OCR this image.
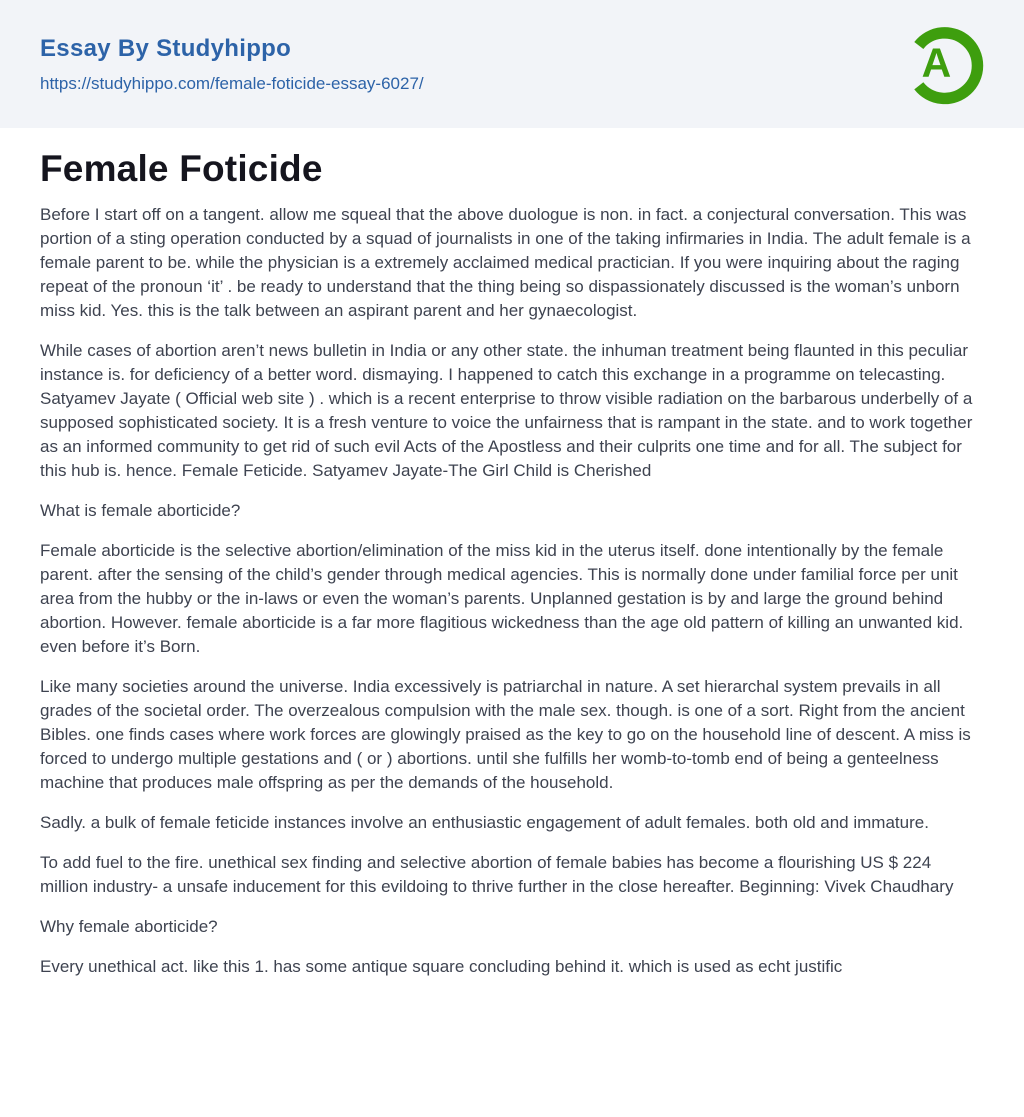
Essay By Studyhippo
https://studyhippo.com/female-foticide-essay-6027/	A
Female Foticide

Before I start off on a tangent. allow me squeal that the above duologue is non. in fact. a conjectural conversation. This was portion of a sting operation conducted by a squad of journalists in one of the taking infirmaries in India. The adult female is a female parent to be. while the physician is a extremely acclaimed medical practician. If you were inquiring about the raging repeat of the pronoun ‘it’ . be ready to understand that the thing being so dispassionately discussed is the woman’s unborn miss kid. Yes. this is the talk between an aspirant parent and her gynaecologist.

While cases of abortion aren’t news bulletin in India or any other state. the inhuman treatment being flaunted in this peculiar instance is. for deficiency of a better word. dismaying. I happened to catch this exchange in a programme on telecasting. Satyamev Jayate ( Official web site ) . which is a recent enterprise to throw visible radiation on the barbarous underbelly of a supposed sophisticated society. It is a fresh venture to voice the unfairness that is rampant in the state. and to work together as an informed community to get rid of such evil Acts of the Apostless and their culprits one time and for all. The subject for this hub is. hence. Female Feticide. Satyamev Jayate-The Girl Child is Cherished

What is female aborticide?

Female aborticide is the selective abortion/elimination of the miss kid in the uterus itself. done intentionally by the female parent. after the sensing of the child’s gender through medical agencies. This is normally done under familial force per unit area from the hubby or the in-laws or even the woman’s parents. Unplanned gestation is by and large the ground behind abortion. However. female aborticide is a far more flagitious wickedness than the age old pattern of killing an unwanted kid. even before it’s Born.

Like many societies around the universe. India excessively is patriarchal in nature. A set hierarchal system prevails in all grades of the societal order. The overzealous compulsion with the male sex. though. is one of a sort. Right from the ancient Bibles. one finds cases where work forces are glowingly praised as the key to go on the household line of descent. A miss is forced to undergo multiple gestations and ( or ) abortions. until she fulfills her womb-to-tomb end of being a genteelness machine that produces male offspring as per the demands of the household.

Sadly. a bulk of female feticide instances involve an enthusiastic engagement of adult females. both old and immature.

To add fuel to the fire. unethical sex finding and selective abortion of female babies has become a flourishing US $ 224 million industry- a unsafe inducement for this evildoing to thrive further in the close hereafter. Beginning: Vivek Chaudhary

Why female aborticide?

Every unethical act. like this 1. has some antique square concluding behind it. which is used as echt justific
